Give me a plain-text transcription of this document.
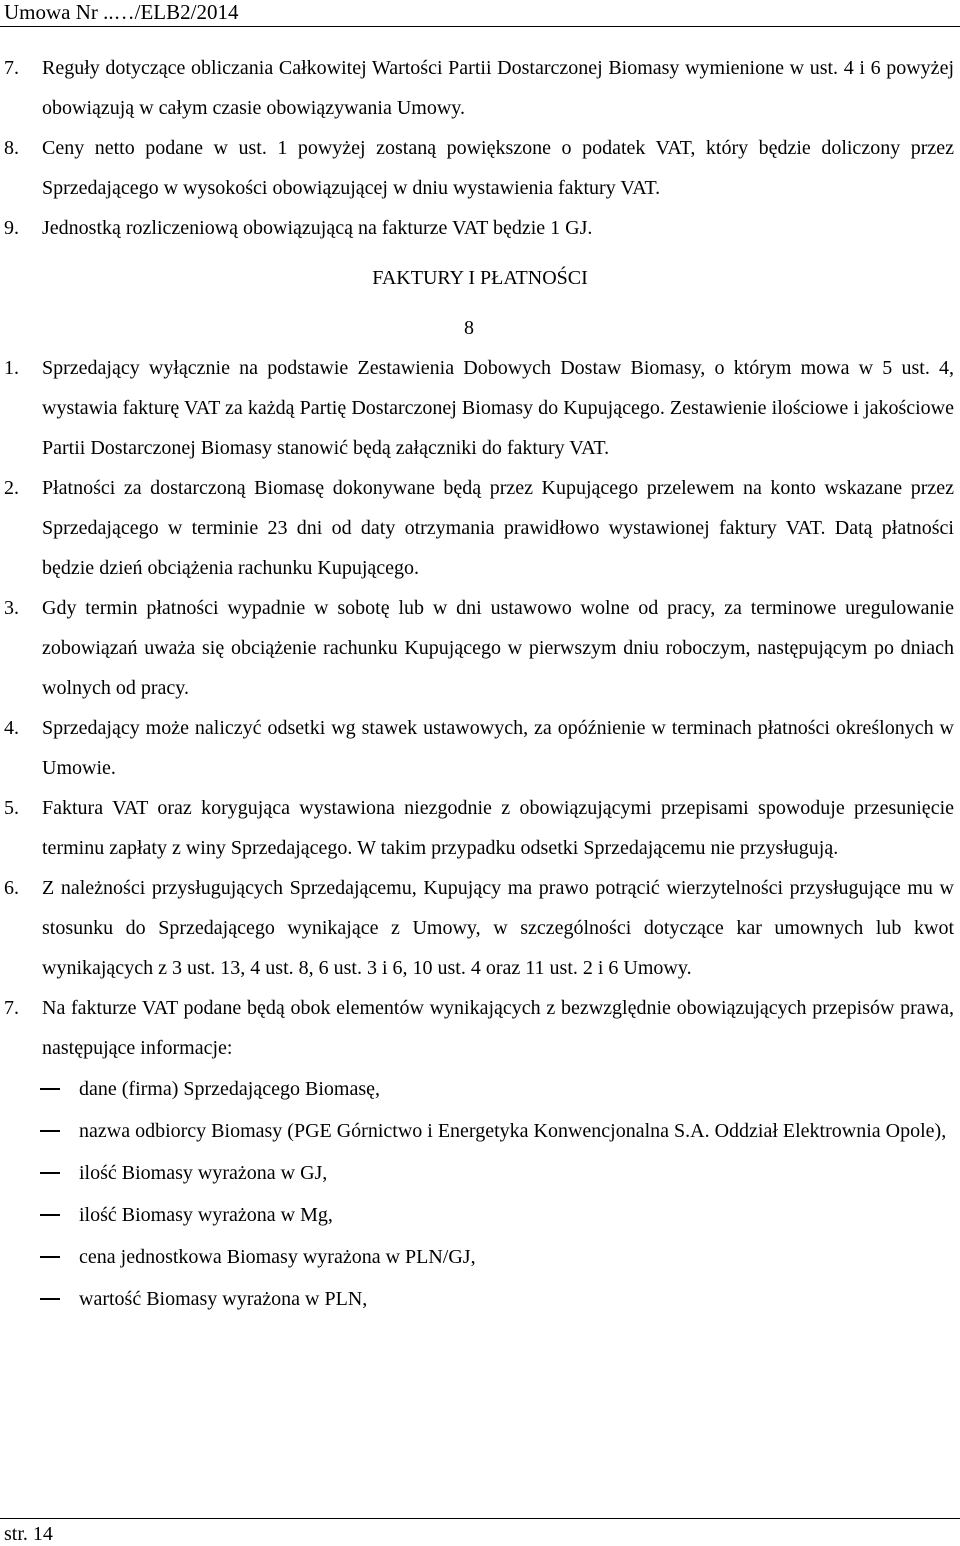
Umowa Nr ..…/ELB2/2014
7. Reguły dotyczące obliczania Całkowitej Wartości Partii Dostarczonej Biomasy wymienione w ust. 4 i 6 powyżej obowiązują w całym czasie obowiązywania Umowy.
8. Ceny netto podane w ust. 1 powyżej zostaną powiększone o podatek VAT, który będzie doliczony przez Sprzedającego w wysokości obowiązującej w dniu wystawienia faktury VAT.
9. Jednostką rozliczeniową obowiązującą na fakturze VAT będzie 1 GJ.
FAKTURY I PŁATNOŚCI
8
1. Sprzedający wyłącznie na podstawie Zestawienia Dobowych Dostaw Biomasy, o którym mowa w 5 ust. 4, wystawia fakturę VAT za każdą Partię Dostarczonej Biomasy do Kupującego. Zestawienie ilościowe i jakościowe Partii Dostarczonej Biomasy stanowić będą załączniki do faktury VAT.
2. Płatności za dostarczoną Biomasę dokonywane będą przez Kupującego przelewem na konto wskazane przez Sprzedającego w terminie 23 dni od daty otrzymania prawidłowo wystawionej faktury VAT. Datą płatności będzie dzień obciążenia rachunku Kupującego.
3. Gdy termin płatności wypadnie w sobotę lub w dni ustawowo wolne od pracy, za terminowe uregulowanie zobowiązań uważa się obciążenie rachunku Kupującego w pierwszym dniu roboczym, następującym po dniach wolnych od pracy.
4. Sprzedający może naliczyć odsetki wg stawek ustawowych, za opóźnienie w terminach płatności określonych w Umowie.
5. Faktura VAT oraz korygująca wystawiona niezgodnie z obowiązującymi przepisami spowoduje przesunięcie terminu zapłaty z winy Sprzedającego. W takim przypadku odsetki Sprzedającemu nie przysługują.
6. Z należności przysługujących Sprzedającemu, Kupujący ma prawo potrącić wierzytelności przysługujące mu w stosunku do Sprzedającego wynikające z Umowy, w szczególności dotyczące kar umownych lub kwot wynikających z 3 ust. 13, 4 ust. 8, 6 ust. 3 i 6, 10 ust. 4 oraz 11 ust. 2 i 6 Umowy.
7. Na fakturze VAT podane będą obok elementów wynikających z bezwzględnie obowiązujących przepisów prawa, następujące informacje:
dane (firma) Sprzedającego Biomasę,
nazwa odbiorcy Biomasy (PGE Górnictwo i Energetyka Konwencjonalna S.A. Oddział Elektrownia Opole),
ilość Biomasy wyrażona w GJ,
ilość Biomasy wyrażona w Mg,
cena jednostkowa Biomasy wyrażona w PLN/GJ,
wartość Biomasy wyrażona w PLN,
str. 14
